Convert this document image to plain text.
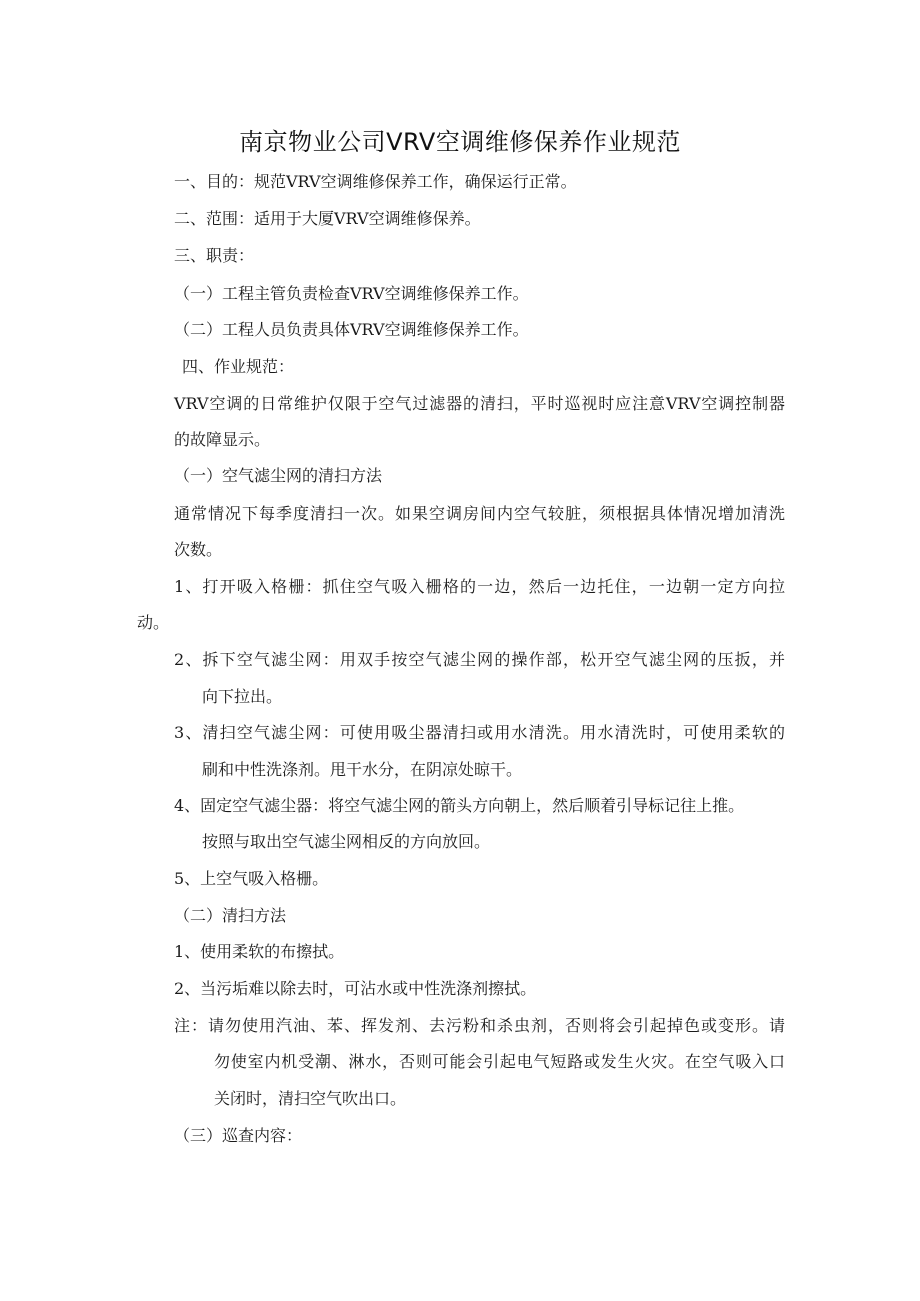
南京物业公司VRV空调维修保养作业规范

一、目的：规范VRV空调维修保养工作，确保运行正常。

二、范围：适用于大厦VRV空调维修保养。

三、职责：

（一）工程主管负责检查VRV空调维修保养工作。

（二）工程人员负责具体VRV空调维修保养工作。

四、作业规范：

VRV空调的日常维护仅限于空气过滤器的清扫，平时巡视时应注意VRV空调控制器

的故障显示。

（一）空气滤尘网的清扫方法

通常情况下每季度清扫一次。如果空调房间内空气较脏，须根据具体情况增加清洗

次数。

1、打开吸入格栅：抓住空气吸入栅格的一边，然后一边托住，一边朝一定方向拉

动。

2、拆下空气滤尘网：用双手按空气滤尘网的操作部，松开空气滤尘网的压扳，并

向下拉出。

3、清扫空气滤尘网：可使用吸尘器清扫或用水清洗。用水清洗时，可使用柔软的

刷和中性洗涤剂。甩干水分，在阴凉处晾干。

4、固定空气滤尘器：将空气滤尘网的箭头方向朝上，然后顺着引导标记往上推。

按照与取出空气滤尘网相反的方向放回。

5、上空气吸入格栅。

（二）清扫方法

1、使用柔软的布擦拭。

2、当污垢难以除去时，可沾水或中性洗涤剂擦拭。

注：请勿使用汽油、苯、挥发剂、去污粉和杀虫剂，否则将会引起掉色或变形。请

勿使室内机受潮、淋水，否则可能会引起电气短路或发生火灾。在空气吸入口

关闭时，清扫空气吹出口。

（三）巡查内容：
